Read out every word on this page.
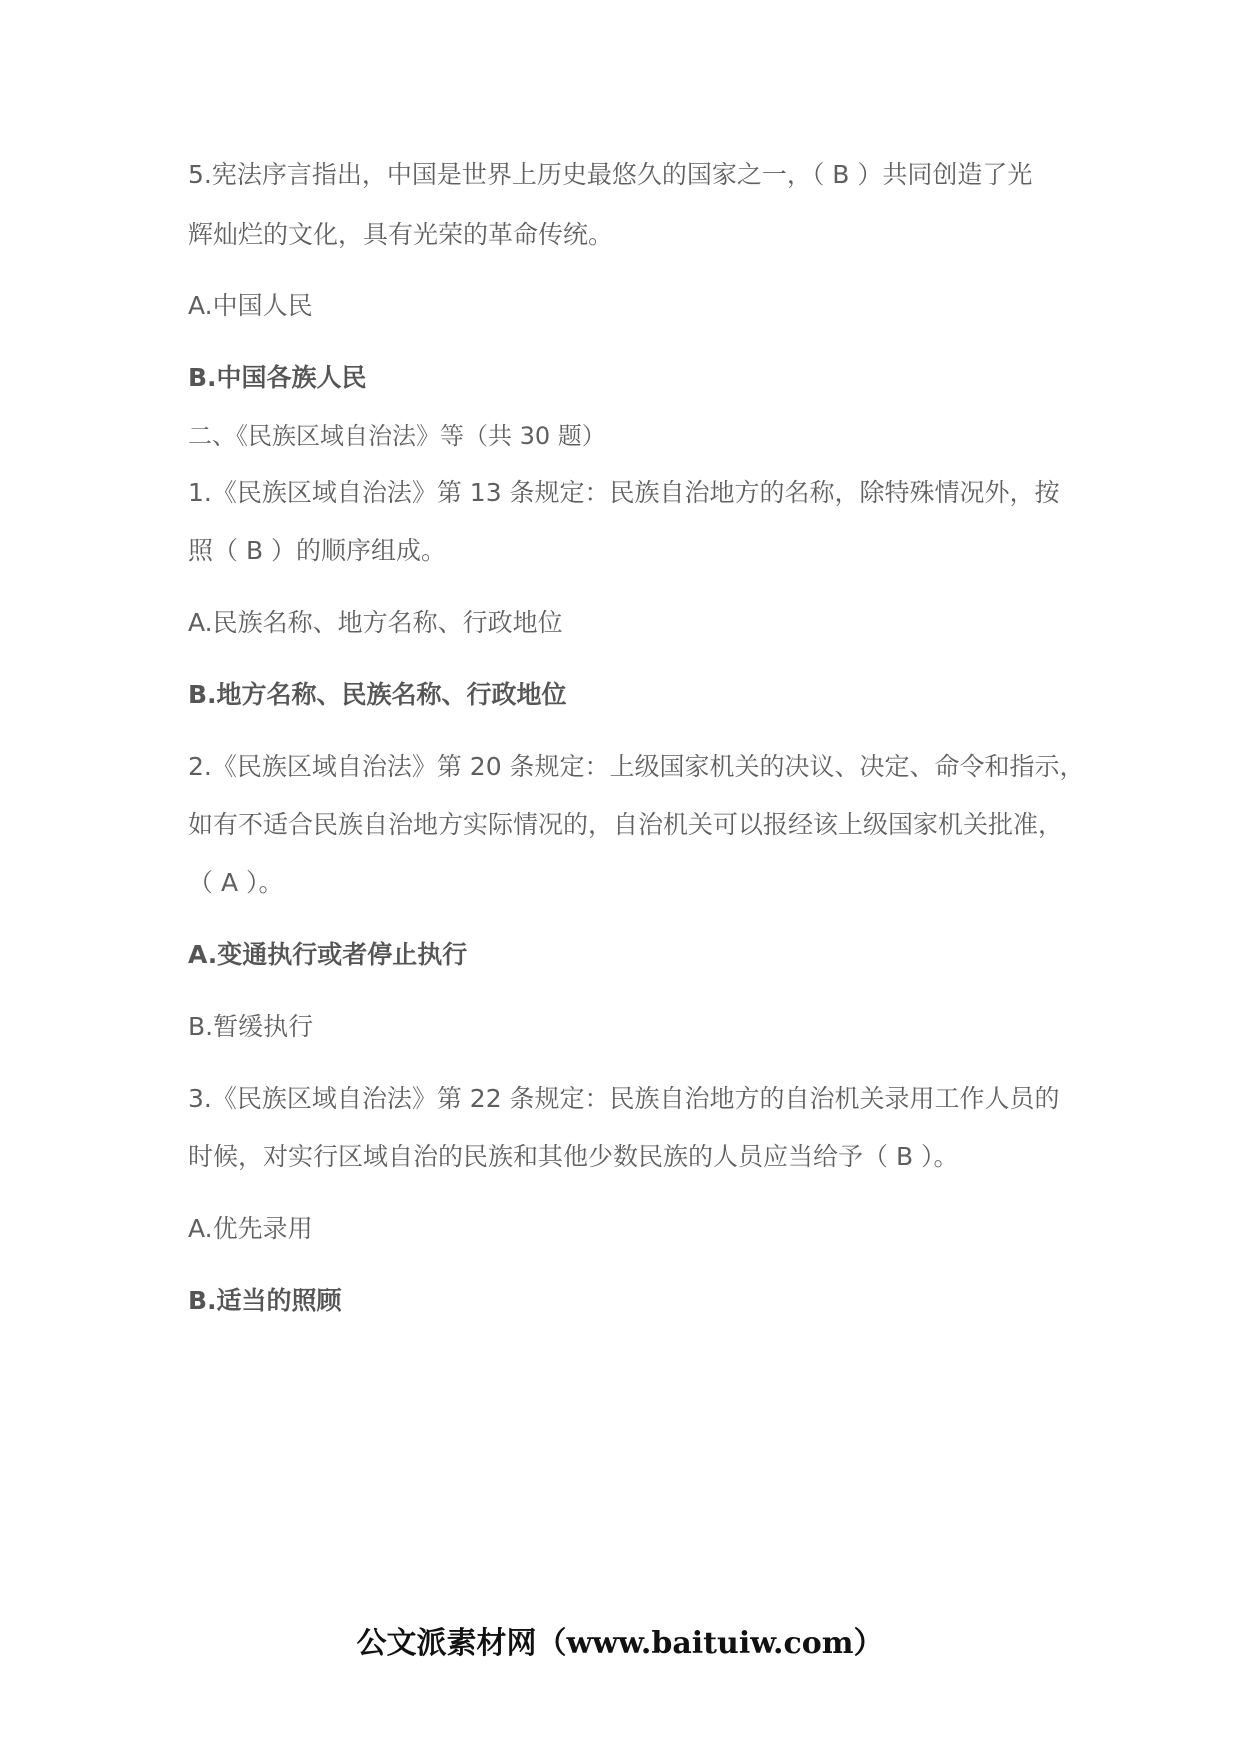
5.宪法序言指出，中国是世界上历史最悠久的国家之一，（ B ）共同创造了光
辉灿烂的文化，具有光荣的革命传统。
A.中国人民
B.中国各族人民
二、《民族区域自治法》等（共 30 题）
1.《民族区域自治法》第 13 条规定：民族自治地方的名称，除特殊情况外，按
照（ B ）的顺序组成。
A.民族名称、地方名称、行政地位
B.地方名称、民族名称、行政地位
2.《民族区域自治法》第 20 条规定：上级国家机关的决议、决定、命令和指示，
如有不适合民族自治地方实际情况的，自治机关可以报经该上级国家机关批准，
（ A ）。
A.变通执行或者停止执行
B.暂缓执行
3.《民族区域自治法》第 22 条规定：民族自治地方的自治机关录用工作人员的
时候，对实行区域自治的民族和其他少数民族的人员应当给予（ B ）。
A.优先录用
B.适当的照顾
公文派素材网（www.baituiw.com）
